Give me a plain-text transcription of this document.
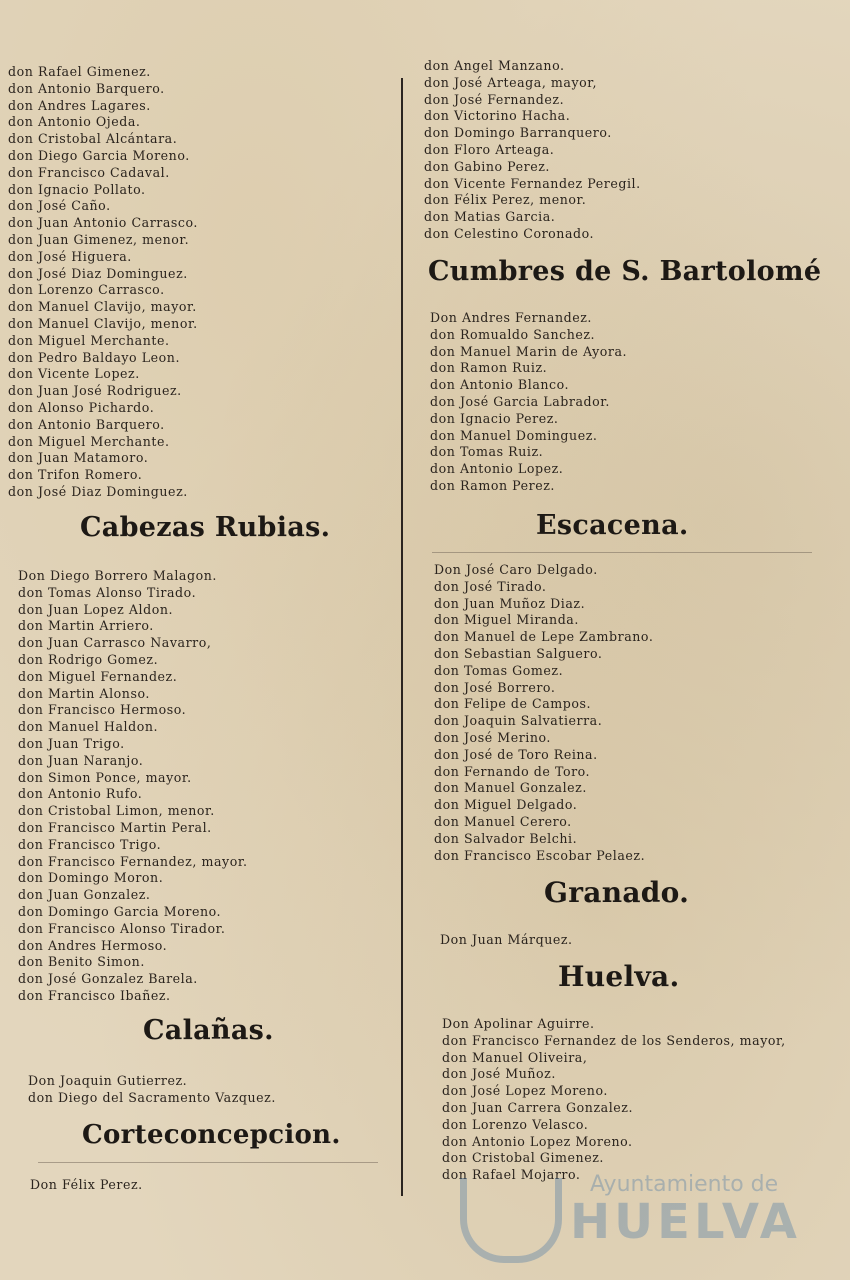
don Rafael Gimenez.
don Antonio Barquero.
don Andres Lagares.
don Antonio Ojeda.
don Cristobal Alcántara.
don Diego Garcia Moreno.
don Francisco Cadaval.
don Ignacio Pollato.
don José Caño.
don Juan Antonio Carrasco.
don Juan Gimenez, menor.
don José Higuera.
don José Diaz Dominguez.
don Lorenzo Carrasco.
don Manuel Clavijo, mayor.
don Manuel Clavijo, menor.
don Miguel Merchante.
don Pedro Baldayo Leon.
don Vicente Lopez.
don Juan José Rodriguez.
don Alonso Pichardo.
don Antonio Barquero.
don Miguel Merchante.
don Juan Matamoro.
don Trifon Romero.
don José Diaz Dominguez.
Cabezas Rubias.
Don Diego Borrero Malagon.
don Tomas Alonso Tirado.
don Juan Lopez Aldon.
don Martin Arriero.
don Juan Carrasco Navarro,
don Rodrigo Gomez.
don Miguel Fernandez.
don Martin Alonso.
don Francisco Hermoso.
don Manuel Haldon.
don Juan Trigo.
don Juan Naranjo.
don Simon Ponce, mayor.
don Antonio Rufo.
don Cristobal Limon, menor.
don Francisco Martin Peral.
don Francisco Trigo.
don Francisco Fernandez, mayor.
don Domingo Moron.
don Juan Gonzalez.
don Domingo Garcia Moreno.
don Francisco Alonso Tirador.
don Andres Hermoso.
don Benito Simon.
don José Gonzalez Barela.
don Francisco Ibañez.
Calañas.
Don Joaquin Gutierrez.
don Diego del Sacramento Vazquez.
Corteconcepcion.
Don Félix Perez.
don Angel Manzano.
don José Arteaga, mayor,
don José Fernandez.
don Victorino Hacha.
don Domingo Barranquero.
don Floro Arteaga.
don Gabino Perez.
don Vicente Fernandez Peregil.
don Félix Perez, menor.
don Matias Garcia.
don Celestino Coronado.
Cumbres de S. Bartolomé
Don Andres Fernandez.
don Romualdo Sanchez.
don Manuel Marin de Ayora.
don Ramon Ruiz.
don Antonio Blanco.
don José Garcia Labrador.
don Ignacio Perez.
don Manuel Dominguez.
don Tomas Ruiz.
don Antonio Lopez.
don Ramon Perez.
Escacena.
Don José Caro Delgado.
don José Tirado.
don Juan Muñoz Diaz.
don Miguel Miranda.
don Manuel de Lepe Zambrano.
don Sebastian Salguero.
don Tomas Gomez.
don José Borrero.
don Felipe de Campos.
don Joaquin Salvatierra.
don José Merino.
don José de Toro Reina.
don Fernando de Toro.
don Manuel Gonzalez.
don Miguel Delgado.
don Manuel Cerero.
don Salvador Belchi.
don Francisco Escobar Pelaez.
Granado.
Don Juan Márquez.
Huelva.
Don Apolinar Aguirre.
don Francisco Fernandez de los Senderos, mayor,
don Manuel Oliveira,
don José Muñoz.
don José Lopez Moreno.
don Juan Carrera Gonzalez.
don Lorenzo Velasco.
don Antonio Lopez Moreno.
don Cristobal Gimenez.
don Rafael Mojarro. Ayuntamiento de
HUELVA
